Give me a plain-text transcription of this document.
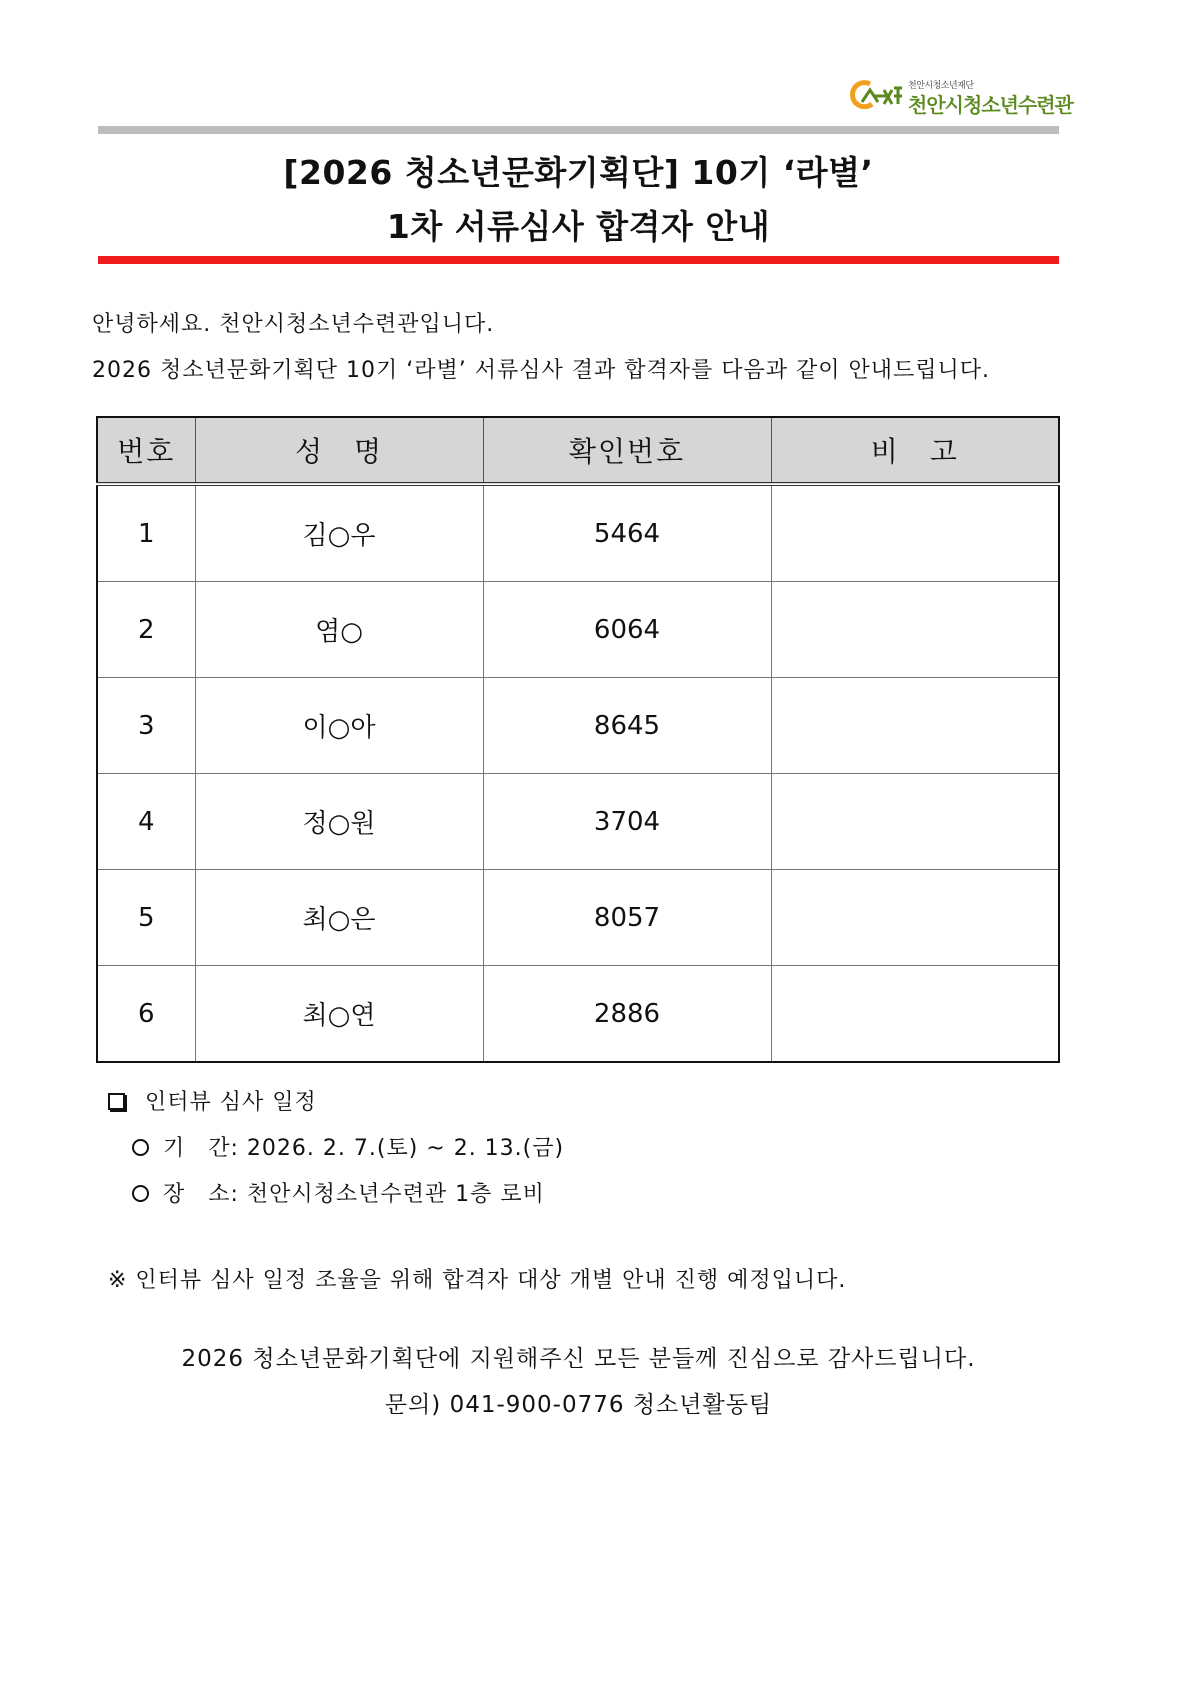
천안시청소년재단
천안시청소년수련관
[2026 청소년문화기획단] 10기 ‘라별’
1차 서류심사 합격자 안내
안녕하세요. 천안시청소년수련관입니다.
2026 청소년문화기획단 10기 ‘라별’ 서류심사 결과 합격자를 다음과 같이 안내드립니다.
번호	성　명	확인번호	비　고
1	김○우	5464	
2	염○	6064	
3	이○아	8645	
4	정○원	3704	
5	최○은	8057	
6	최○연	2886	
인터뷰 심사 일정
기　간: 2026. 2. 7.(토) ~ 2. 13.(금)
장　소: 천안시청소년수련관 1층 로비
※ 인터뷰 심사 일정 조율을 위해 합격자 대상 개별 안내 진행 예정입니다.
2026 청소년문화기획단에 지원해주신 모든 분들께 진심으로 감사드립니다.
문의) 041-900-0776 청소년활동팀
